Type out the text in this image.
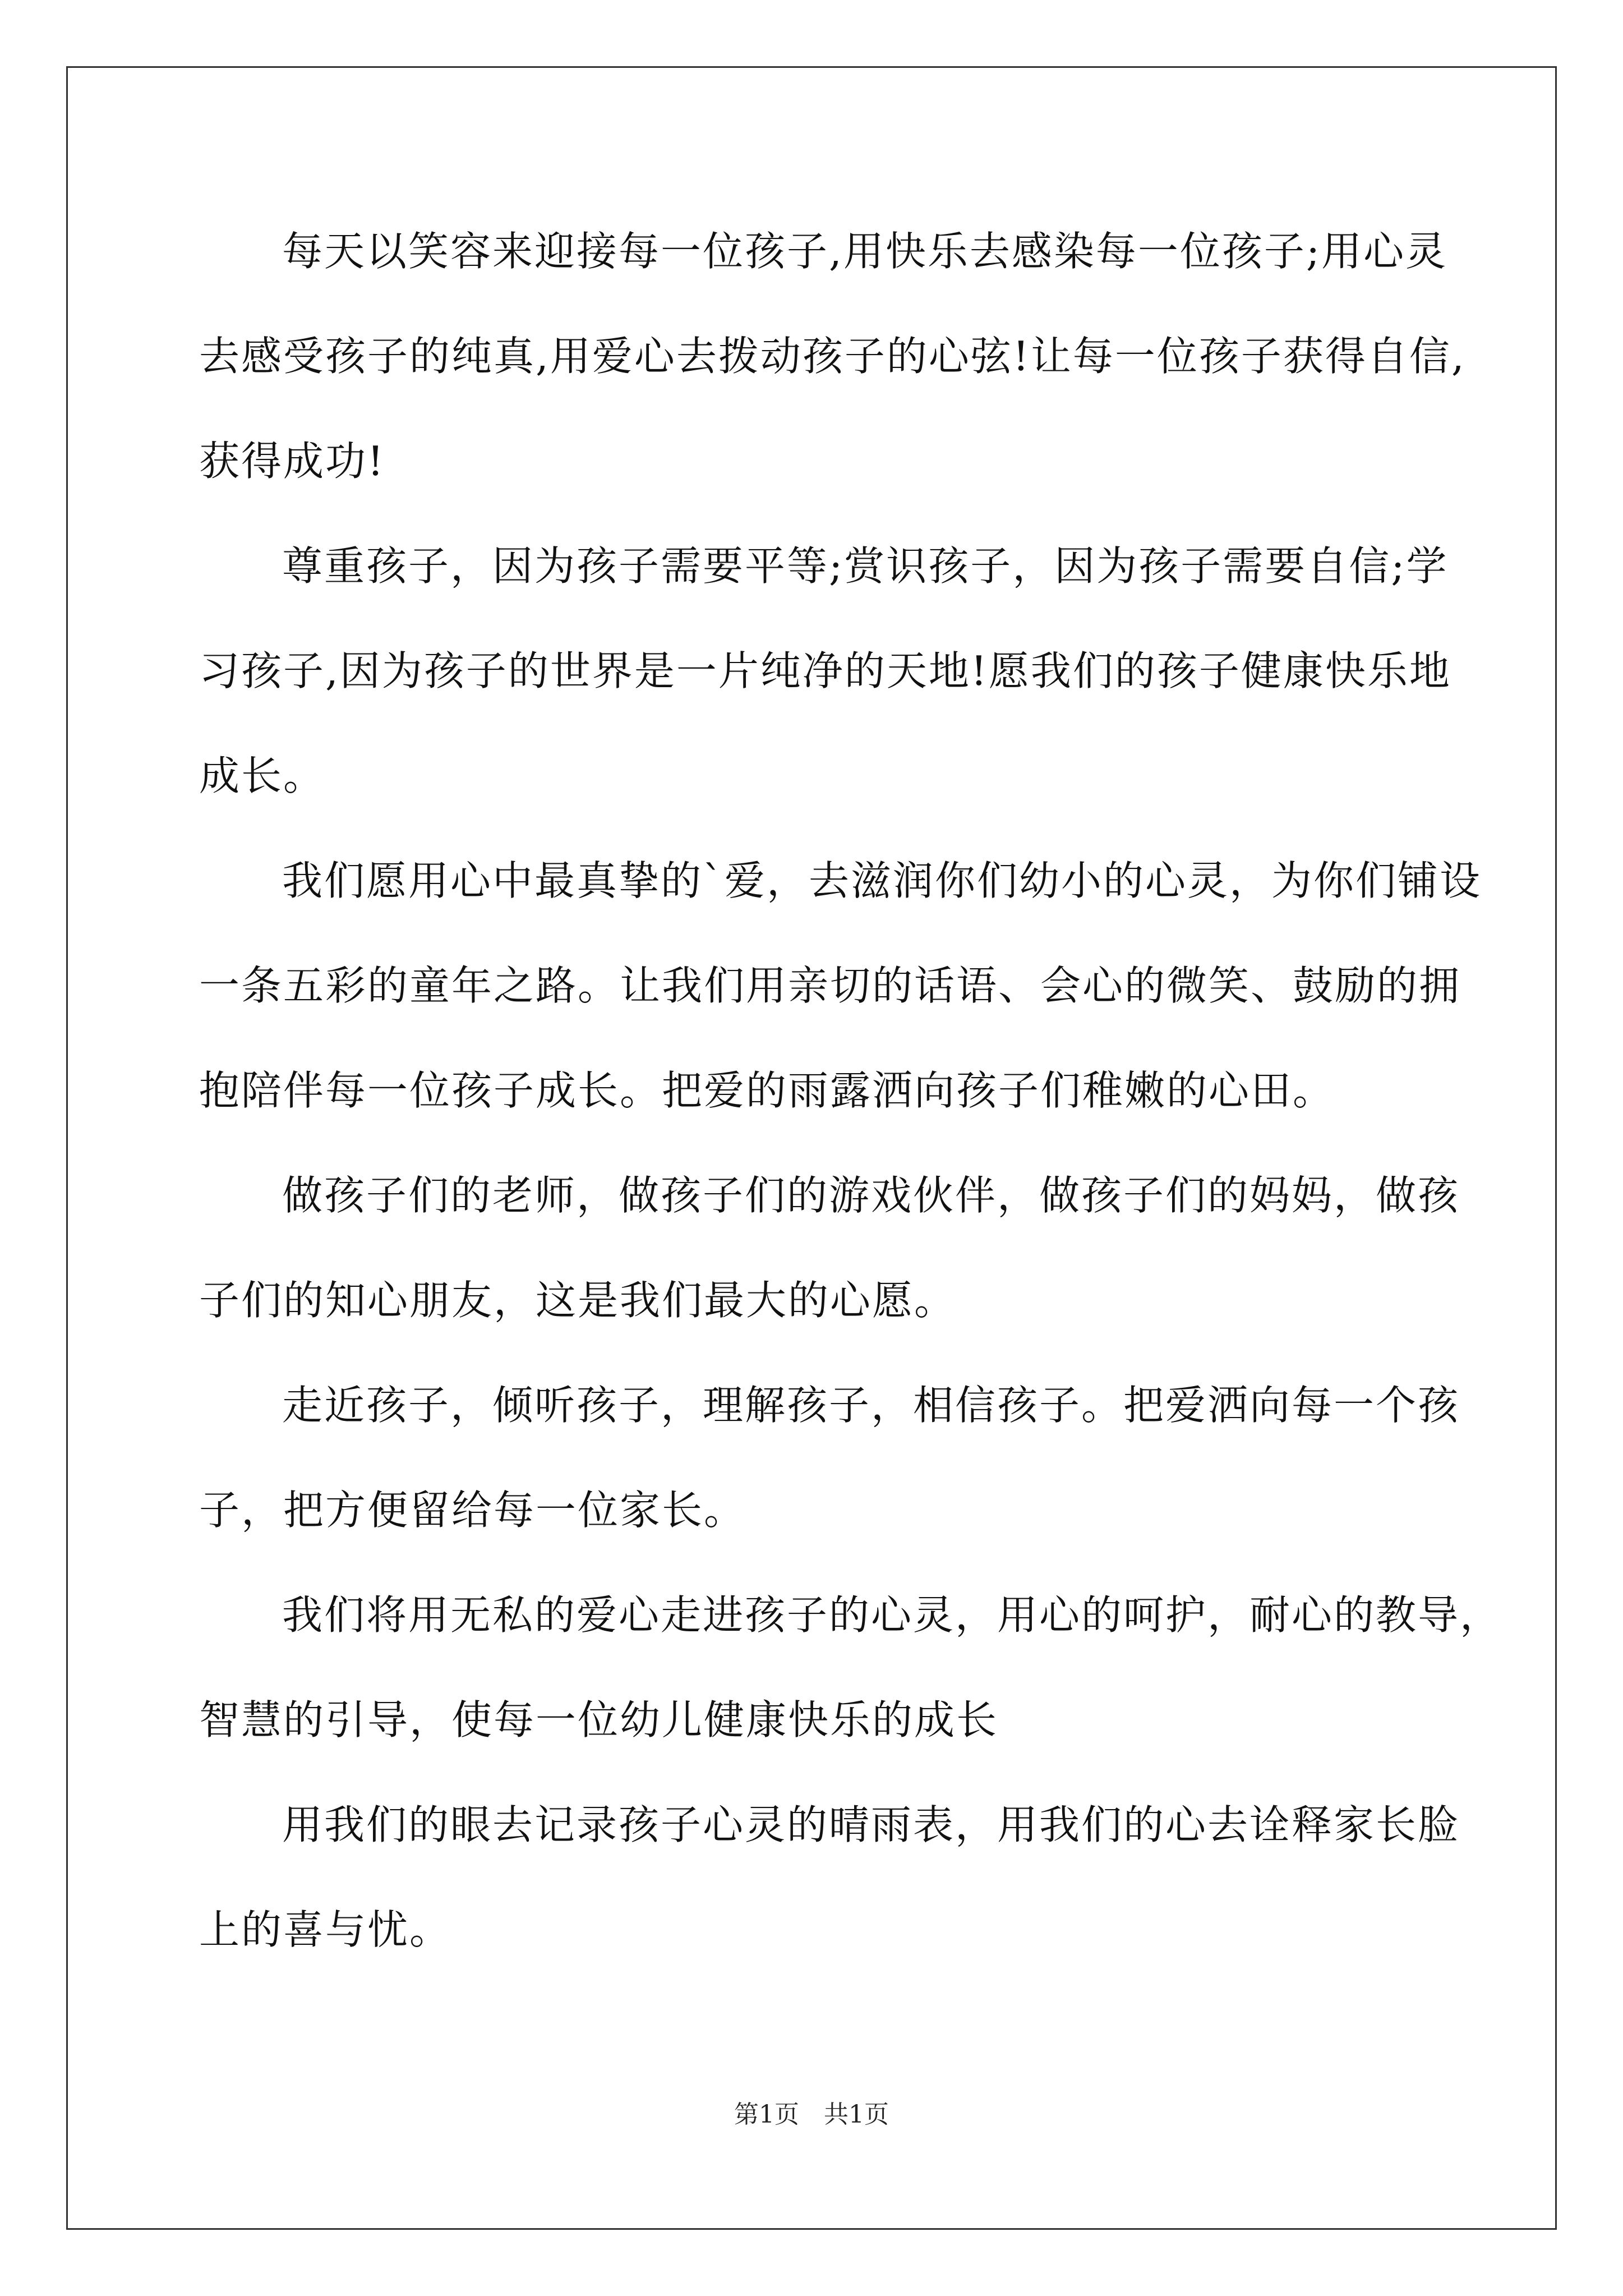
每天以笑容来迎接每一位孩子,用快乐去感染每一位孩子;用心灵
去感受孩子的纯真,用爱心去拨动孩子的心弦!让每一位孩子获得自信,
获得成功!
尊重孩子，因为孩子需要平等;赏识孩子，因为孩子需要自信;学
习孩子,因为孩子的世界是一片纯净的天地!愿我们的孩子健康快乐地
成长。
我们愿用心中最真挚的`爱，去滋润你们幼小的心灵，为你们铺设
一条五彩的童年之路。让我们用亲切的话语、会心的微笑、鼓励的拥
抱陪伴每一位孩子成长。把爱的雨露洒向孩子们稚嫩的心田。
做孩子们的老师，做孩子们的游戏伙伴，做孩子们的妈妈，做孩
子们的知心朋友，这是我们最大的心愿。
走近孩子，倾听孩子，理解孩子，相信孩子。把爱洒向每一个孩
子，把方便留给每一位家长。
我们将用无私的爱心走进孩子的心灵，用心的呵护，耐心的教导，
智慧的引导，使每一位幼儿健康快乐的成长
用我们的眼去记录孩子心灵的晴雨表，用我们的心去诠释家长脸
上的喜与忧。
第1页　共1页
